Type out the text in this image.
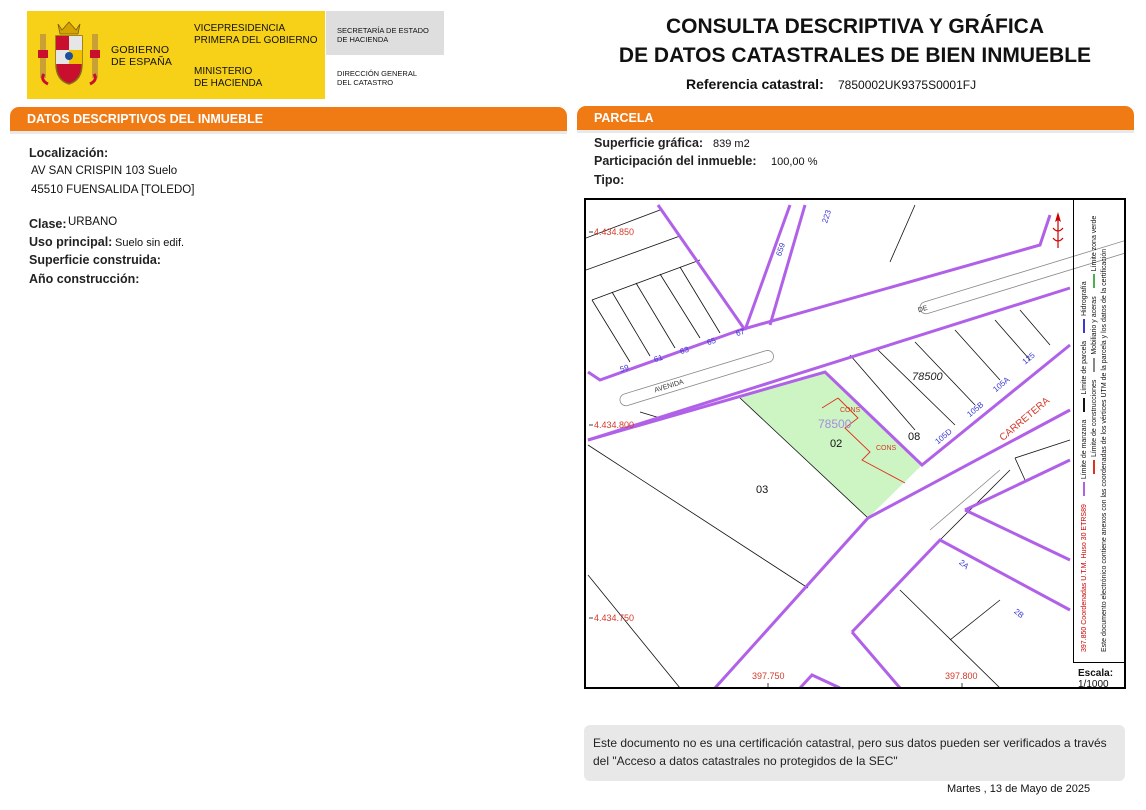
GOBIERNO
DE ESPAÑA
VICEPRESIDENCIA
PRIMERA DEL GOBIERNO
MINISTERIO
DE HACIENDA
SECRETARÍA DE ESTADO
DE HACIENDA
DIRECCIÓN GENERAL
DEL CATASTRO
CONSULTA DESCRIPTIVA Y GRÁFICA
DE DATOS CATASTRALES DE BIEN INMUEBLE
Referencia catastral: 7850002UK9375S0001FJ
DATOS DESCRIPTIVOS DEL INMUEBLE
Localización:
AV SAN CRISPIN 103 Suelo
45510 FUENSALIDA [TOLEDO]
Clase: URBANO
Uso principal: Suelo sin edif.
Superficie construida:
Año construcción:
PARCELA
Superficie gráfica: 839 m2
Participación del inmueble: 100,00 %
Tipo:
4.434.850
4.434.800
4.434.750
397.750	397.800
78500
78500
02
03
08
CONS
CONS
59
61
63
65
67
659
223
105D
105B
105A
125
2A
2B
AVENIDA
DE
CARRETERA
397.850 Coordenadas U.T.M. Huso 30 ETRS89 Límite de manzana Límite de parcela Hidrografía
Límite de construcciones Mobiliario y aceras Límite zona verde
Este documento electrónico contiene anexos con las coordenadas de los vértices UTM de la parcela y los datos de la certificación
Escala:
1/1000
Este documento no es una certificación catastral, pero sus datos pueden ser verificados a través del "Acceso a datos catastrales no protegidos de la SEC"
Martes , 13 de Mayo de 2025
